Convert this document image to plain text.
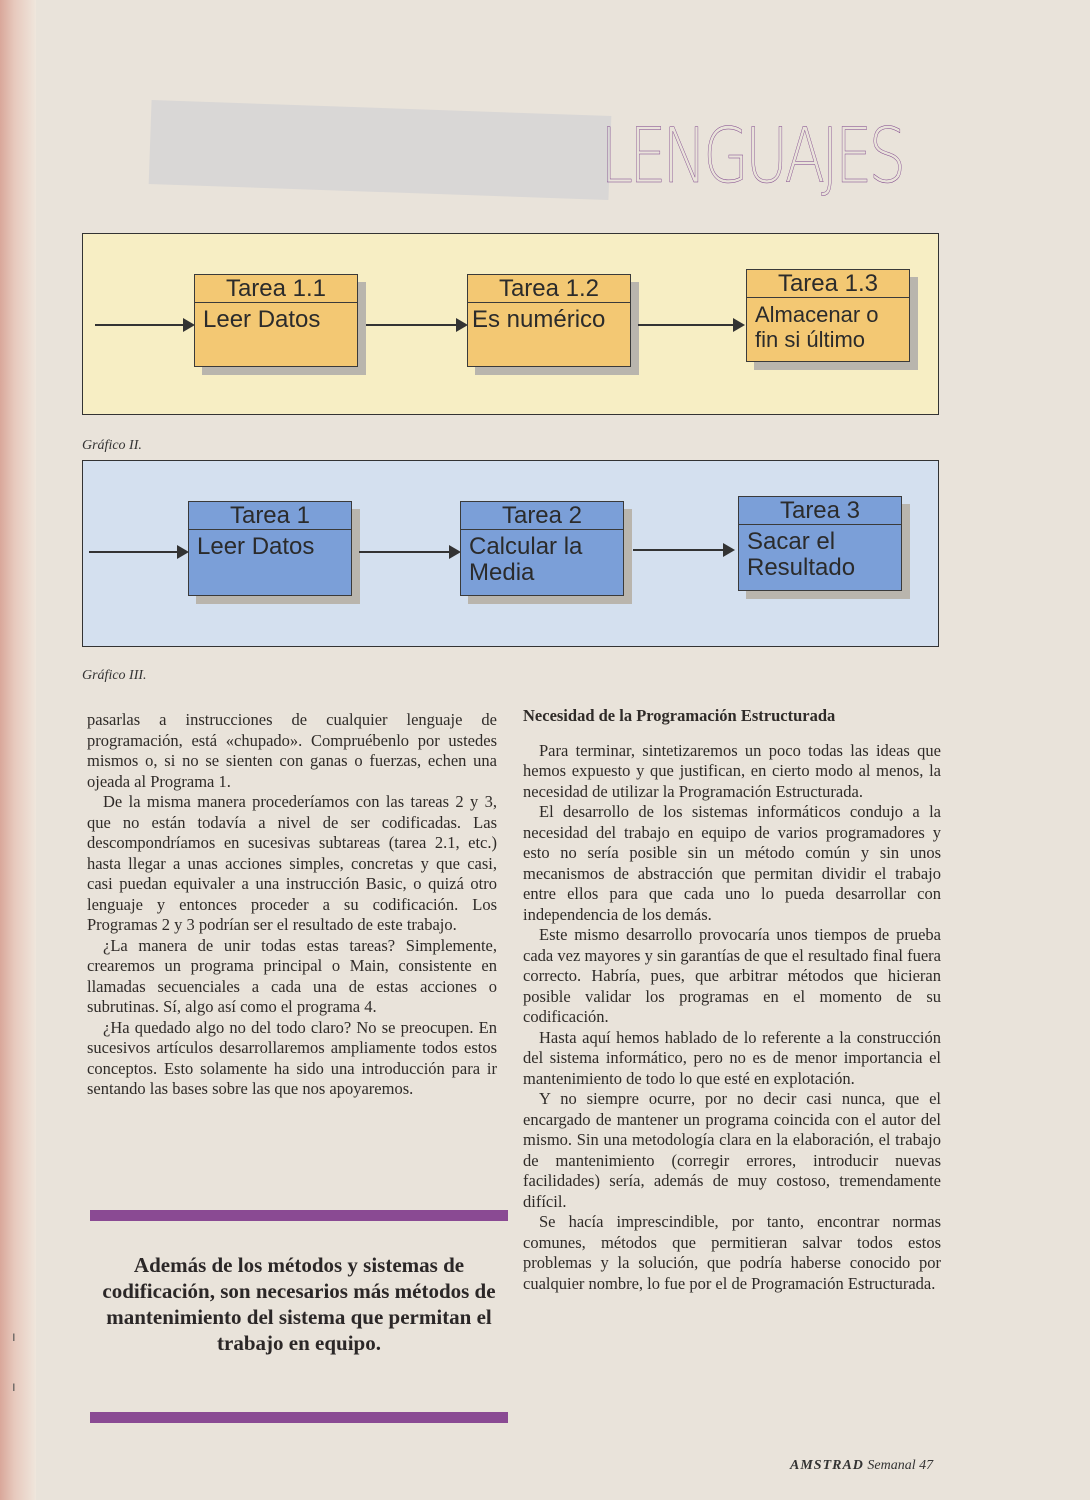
ı
ı
LENGUAJES
Tarea 1.1
Leer Datos
Tarea 1.2
Es numérico
Tarea 1.3
Almacenar o fin si último
Gráfico II.
Tarea 1
Leer Datos
Tarea 2
Calcular la Media
Tarea 3
Sacar el Resultado
Gráfico III.

pasarlas a instrucciones de cualquier lenguaje de programación, está «chupado». Compruébenlo por ustedes mismos o, si no se sienten con ganas o fuerzas, echen una ojeada al Programa 1.

De la misma manera procederíamos con las tareas 2 y 3, que no están todavía a nivel de ser codificadas. Las descompondríamos en sucesivas subtareas (tarea 2.1, etc.) hasta llegar a unas acciones simples, concretas y que casi, casi puedan equivaler a una instrucción Basic, o quizá otro lenguaje y entonces proceder a su codificación. Los Programas 2 y 3 podrían ser el resultado de este trabajo.

¿La manera de unir todas estas tareas? Simplemente, crearemos un programa principal o Main, consistente en llamadas secuenciales a cada una de estas acciones o subrutinas. Sí, algo así como el programa 4.

¿Ha quedado algo no del todo claro? No se preocupen. En sucesivos artículos desarrollaremos ampliamente todos estos conceptos. Esto solamente ha sido una introducción para ir sentando las bases sobre las que nos apoyaremos.

Además de los métodos y sistemas de codificación, son necesarios más métodos de mantenimiento del sistema que permitan el trabajo en equipo.
Necesidad de la Programación Estructurada

Para terminar, sintetizaremos un poco todas las ideas que hemos expuesto y que justifican, en cierto modo al menos, la necesidad de utilizar la Programación Estructurada.

El desarrollo de los sistemas informáticos condujo a la necesidad del trabajo en equipo de varios programadores y esto no sería posible sin un método común y sin unos mecanismos de abstracción que permitan dividir el trabajo entre ellos para que cada uno lo pueda desarrollar con independencia de los demás.

Este mismo desarrollo provocaría unos tiempos de prueba cada vez mayores y sin garantías de que el resultado final fuera correcto. Habría, pues, que arbitrar métodos que hicieran posible validar los programas en el momento de su codificación.

Hasta aquí hemos hablado de lo referente a la construcción del sistema informático, pero no es de menor importancia el mantenimiento de todo lo que esté en explotación.

Y no siempre ocurre, por no decir casi nunca, que el encargado de mantener un programa coincida con el autor del mismo. Sin una metodología clara en la elaboración, el trabajo de mantenimiento (corregir errores, introducir nuevas facilidades) sería, además de muy costoso, tremendamente difícil.

Se hacía imprescindible, por tanto, encontrar normas comunes, métodos que permitieran salvar todos estos problemas y la solución, que podría haberse conocido por cualquier nombre, lo fue por el de Programación Estructurada.

AMSTRAD Semanal 47
